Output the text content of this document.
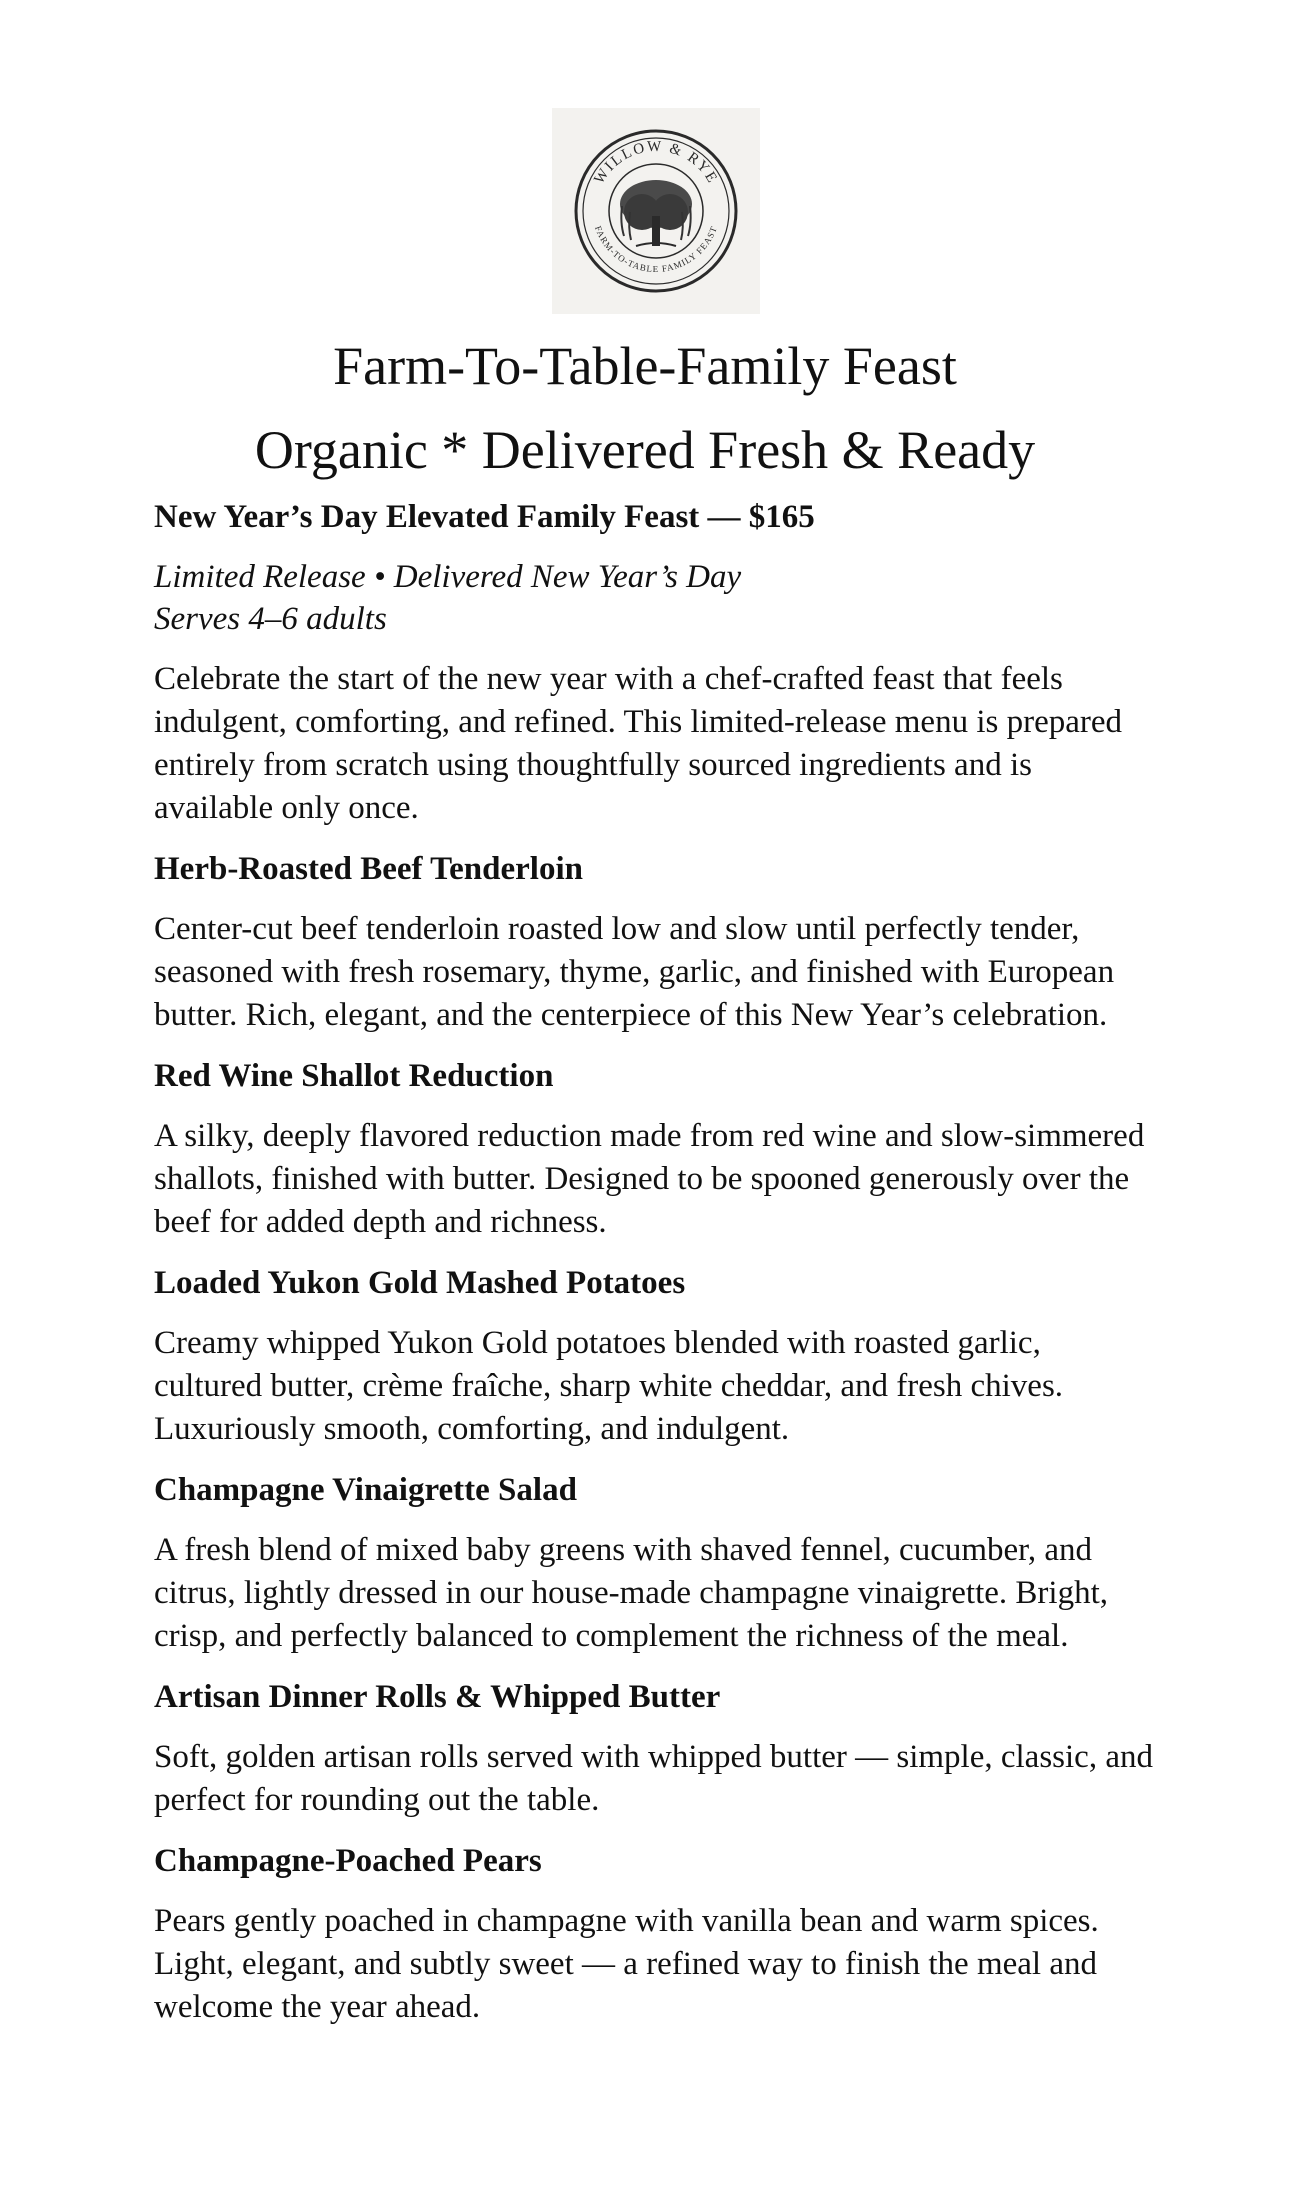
WILLOW & RYE
FARM-TO-TABLE FAMILY FEAST
Farm-To-Table-Family Feast
Organic * Delivered Fresh & Ready

New Year’s Day Elevated Family Feast — $165

Limited Release • Delivered New Year’s Day
Serves 4–6 adults

Celebrate the start of the new year with a chef-crafted feast that feels indulgent, comforting, and refined. This limited-release menu is prepared entirely from scratch using thoughtfully sourced ingredients and is available only once.

Herb-Roasted Beef Tenderloin

Center-cut beef tenderloin roasted low and slow until perfectly tender, seasoned with fresh rosemary, thyme, garlic, and finished with European butter. Rich, elegant, and the centerpiece of this New Year’s celebration.

Red Wine Shallot Reduction

A silky, deeply flavored reduction made from red wine and slow-simmered shallots, finished with butter. Designed to be spooned generously over the beef for added depth and richness.

Loaded Yukon Gold Mashed Potatoes

Creamy whipped Yukon Gold potatoes blended with roasted garlic, cultured butter, crème fraîche, sharp white cheddar, and fresh chives. Luxuriously smooth, comforting, and indulgent.

Champagne Vinaigrette Salad

A fresh blend of mixed baby greens with shaved fennel, cucumber, and citrus, lightly dressed in our house-made champagne vinaigrette. Bright, crisp, and perfectly balanced to complement the richness of the meal.

Artisan Dinner Rolls & Whipped Butter

Soft, golden artisan rolls served with whipped butter — simple, classic, and perfect for rounding out the table.

Champagne-Poached Pears

Pears gently poached in champagne with vanilla bean and warm spices. Light, elegant, and subtly sweet — a refined way to finish the meal and welcome the year ahead.
